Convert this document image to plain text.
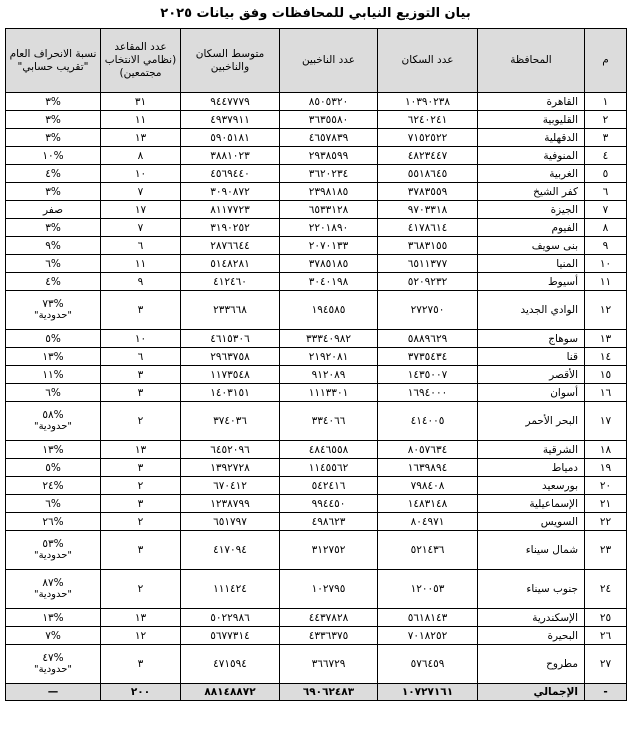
بيان التوزيع النيابي للمحافظات وفق بيانات ٢٠٢٥
م	المحافظة	عدد السكان	عدد الناخبين	متوسط السكان والناخبين	عدد المقاعد (نظامي الانتخاب مجتمعين)	نسبة الانحراف العام "تقريب حسابي"
١	القاهرة	١٠٣٩٠٢٣٨	٨٥٠٥٣٢٠	٩٤٤٧٧٧٩	٣١	%٣
٢	القليوبية	٦٢٤٠٢٤١	٣٦٣٥٥٨٠	٤٩٣٧٩١١	١١	%٣
٣	الدقهلية	٧١٥٢٥٢٢	٤٦٥٧٨٣٩	٥٩٠٥١٨١	١٣	%٣
٤	المنوفية	٤٨٢٣٤٤٧	٢٩٣٨٥٩٩	٣٨٨١٠٢٣	٨	%١٠
٥	الغربية	٥٥١٨٦٤٥	٣٦٢٠٢٣٤	٤٥٦٩٤٤٠	١٠	%٤
٦	كفر الشيخ	٣٧٨٣٥٥٩	٢٣٩٨١٨٥	٣٠٩٠٨٧٢	٧	%٣
٧	الجيزة	٩٧٠٣٣١٨	٦٥٣٣١٢٨	٨١١٧٧٢٣	١٧	صفر
٨	الفيوم	٤١٧٨٦١٤	٢٢٠١٨٩٠	٣١٩٠٢٥٢	٧	%٣
٩	بنى سويف	٣٦٨٣١٥٥	٢٠٧٠١٣٣	٢٨٧٦٦٤٤	٦	%٩
١٠	المنيا	٦٥١١٣٧٧	٣٧٨٥١٨٥	٥١٤٨٢٨١	١١	%٦
١١	أسيوط	٥٢٠٩٢٣٢	٣٠٤٠١٩٨	٤١٢٤٦٠	٩	%٤
١٢	الوادي الجديد	٢٧٢٧٥٠	١٩٤٥٨٥	٢٣٣٦٦٨	٣	%٧٣
"حدودية"

١٣	سوهاج	٥٨٨٩٦٢٩	٣٣٣٤٠٩٨٢	٤٦١٥٣٠٦	١٠	%٥
١٤	قنا	٣٧٣٥٤٣٤	٢١٩٢٠٨١	٢٩٦٣٧٥٨	٦	%١٣
١٥	الأقصر	١٤٣٥٠٠٧	٩١٢٠٨٩	١١٧٣٥٤٨	٣	%١١
١٦	أسوان	١٦٩٤٠٠٠	١١١٣٣٠١	١٤٠٣١٥١	٣	%٦
١٧	البحر الأحمر	٤١٤٠٠٥	٣٣٤٠٦٦	٣٧٤٠٣٦	٢	%٥٨
"حدودية"

١٨	الشرقية	٨٠٥٧٦٣٤	٤٨٤٦٥٥٨	٦٤٥٢٠٩٦	١٣	%١٣
١٩	دمياط	١٦٣٩٨٩٤	١١٤٥٥٦٢	١٣٩٢٧٢٨	٣	%٥
٢٠	بورسعيد	٧٩٨٤٠٨	٥٤٢٤١٦	٦٧٠٤١٢	٢	%٢٤
٢١	الإسماعيلية	١٤٨٣١٤٨	٩٩٤٤٥٠	١٢٣٨٧٩٩	٣	%٦
٢٢	السويس	٨٠٤٩٧١	٤٩٨٦٢٣	٦٥١٧٩٧	٢	%٢٦
٢٣	شمال سيناء	٥٢١٤٣٦	٣١٢٧٥٢	٤١٧٠٩٤	٣	%٥٣
"حدودية"

٢٤	جنوب سيناء	١٢٠٠٥٣	١٠٢٧٩٥	١١١٤٢٤	٢	%٨٧
"حدودية"

٢٥	الإسكندرية	٥٦١٨١٤٣	٤٤٣٧٨٢٨	٥٠٢٢٩٨٦	١٣	%١٣
٢٦	البحيرة	٧٠١٨٢٥٢	٤٣٣٦٣٧٥	٥٦٧٧٣١٤	١٢	%٧
٢٧	مطروح	٥٧٦٤٥٩	٣٦٦٧٢٩	٤٧١٥٩٤	٣	%٤٧
"حدودية"

-	الإجمالي	١٠٧٢٧١٦١	٦٩٠٦٢٤٨٣	٨٨١٤٨٨٧٢	٢٠٠	—
